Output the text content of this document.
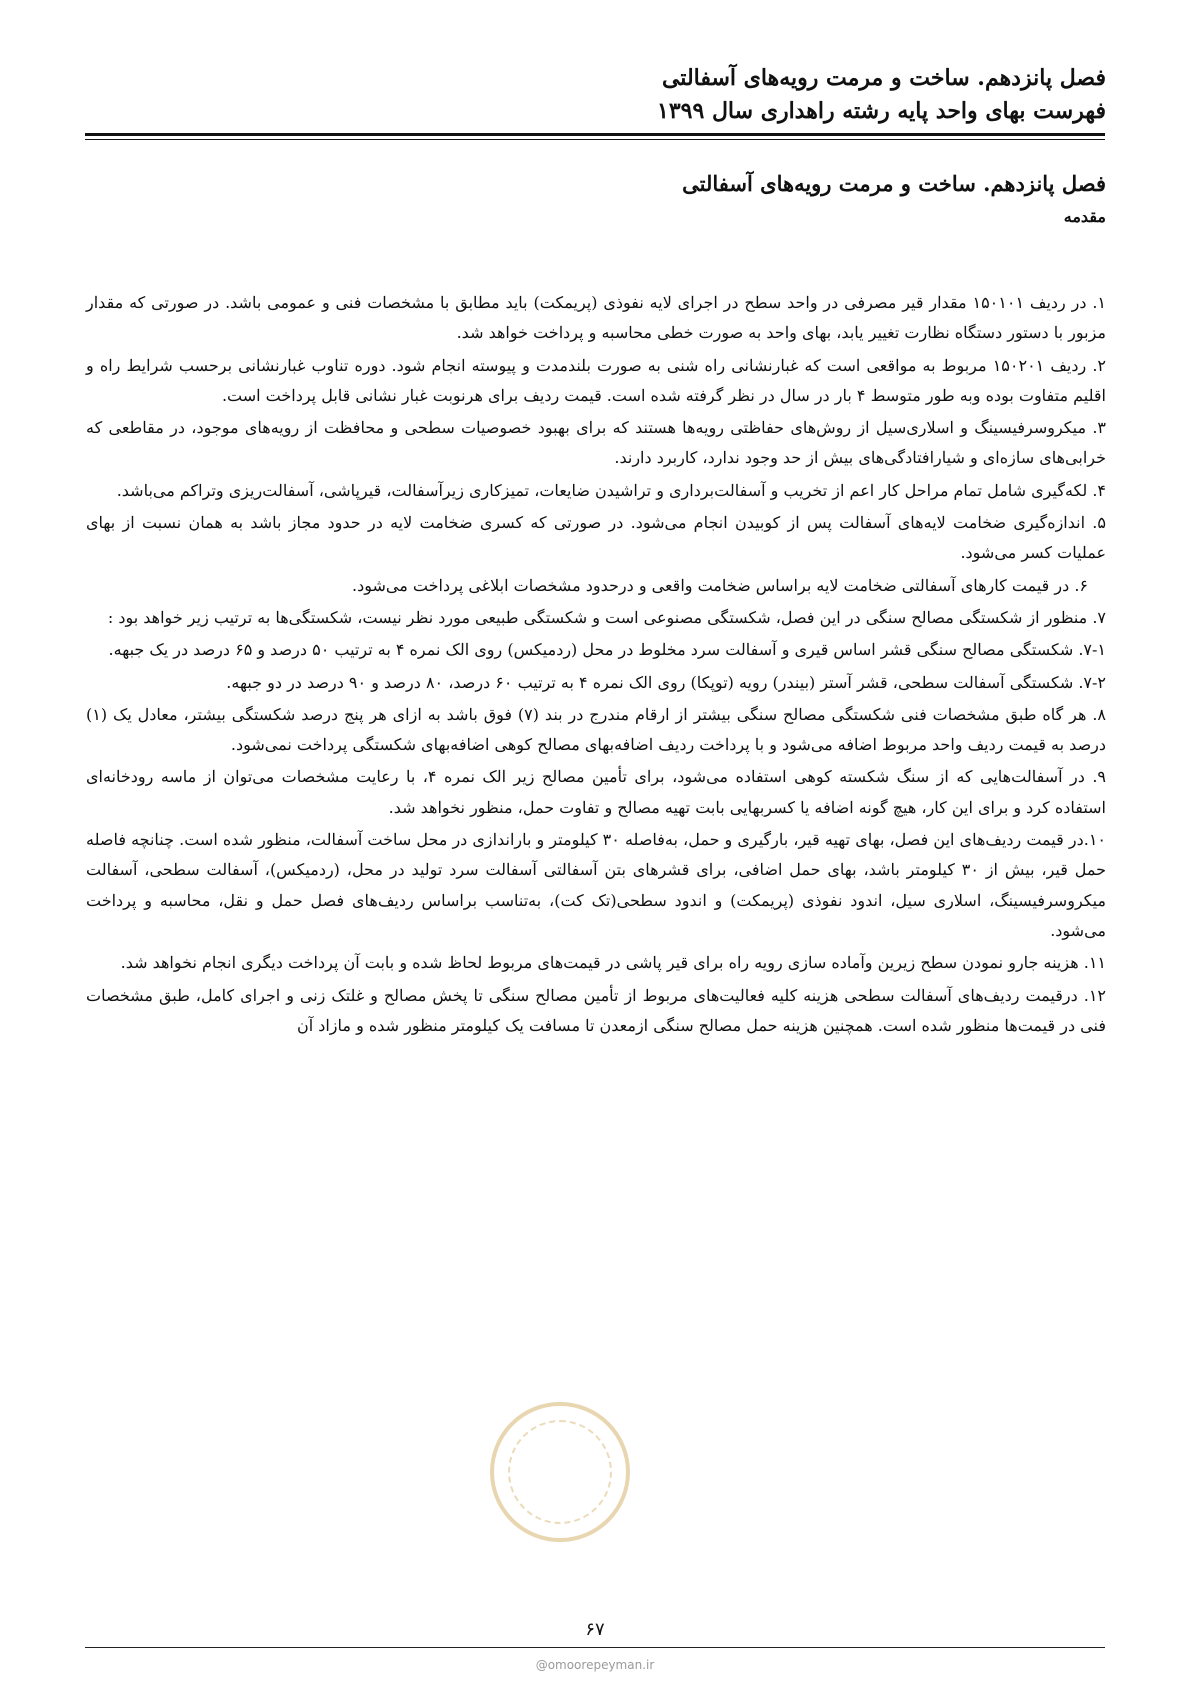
فصل پانزدهم. ساخت و مرمت رویه‌های آسفالتی
فهرست بهای واحد پایه رشته راهداری سال ۱۳۹۹
فصل پانزدهم. ساخت و مرمت رویه‌های آسفالتی
مقدمه

۱. در ردیف ۱۵۰۱۰۱ مقدار قیر مصرفی در واحد سطح در اجرای لایه نفوذی (پریمکت) باید مطابق با مشخصات فنی و عمومی باشد. در صورتی که مقدار مزبور با دستور دستگاه نظارت تغییر یابد، بهای واحد به صورت خطی محاسبه و پرداخت خواهد شد.

۲. ردیف ۱۵۰۲۰۱ مربوط به مواقعی است که غبارنشانی راه شنی به صورت بلندمدت و پیوسته انجام شود. دوره تناوب غبارنشانی برحسب شرایط راه و اقلیم متفاوت بوده وبه طور متوسط ۴ بار در سال در نظر گرفته شده است. قیمت ردیف برای هرنوبت غبار نشانی قابل پرداخت است.

۳. میکروسرفیسینگ و اسلاری‌سیل از روش‌های حفاظتی رویه‌ها هستند که برای بهبود خصوصیات سطحی و محافظت از رویه‌های موجود، در مقاطعی که خرابی‌های سازه‌ای و شیارافتادگی‌های بیش از حد وجود ندارد، کاربرد دارند.

۴. لکه‌گیری شامل تمام مراحل کار اعم از تخریب و آسفالت‌برداری و تراشیدن ضایعات، تمیزکاری زیرآسفالت، قیرپاشی، آسفالت‌ریزی وتراکم می‌باشد.

۵. اندازه‌گیری ضخامت لایه‌های آسفالت پس از کوبیدن انجام می‌شود. در صورتی که کسری ضخامت لایه در حدود مجاز باشد به همان نسبت از بهای عملیات کسر می‌شود.

۶. در قیمت کارهای آسفالتی ضخامت لایه براساس ضخامت واقعی و درحدود مشخصات ابلاغی پرداخت می‌شود.

۷. منظور از شکستگی مصالح سنگی در این فصل، شکستگی مصنوعی است و شکستگی طبیعی مورد نظر نیست، شکستگی‌ها به ترتیب زیر خواهد بود :

۷-۱. شکستگی مصالح سنگی قشر اساس قیری و آسفالت سرد مخلوط در محل (ردمیکس) روی الک نمره ۴ به ترتیب ۵۰ درصد و ۶۵ درصد در یک جبهه.

۷-۲. شکستگی آسفالت سطحی، قشر آستر (بیندر) رویه (توپکا) روی الک نمره ۴ به ترتیب ۶۰ درصد، ۸۰ درصد و ۹۰ درصد در دو جبهه.

۸. هر گاه طبق مشخصات فنی شکستگی مصالح سنگی بیشتر از ارقام مندرج در بند (۷) فوق باشد به ازای هر پنج درصد شکستگی بیشتر، معادل یک (۱) درصد به قیمت ردیف واحد مربوط اضافه می‌شود و با پرداخت ردیف اضافه‌بهای مصالح کوهی اضافه‌بهای شکستگی پرداخت نمی‌شود.

۹. در آسفالت‌هایی که از سنگ شکسته کوهی استفاده می‌شود، برای تأمین مصالح زیر الک نمره ۴، با رعایت مشخصات می‌توان از ماسه رودخانه‌ای استفاده کرد و برای این کار، هیچ گونه اضافه یا کسربهایی بابت تهیه مصالح و تفاوت حمل، منظور نخواهد شد.

۱۰.در قیمت ردیف‌های این فصل، بهای تهیه قیر، بارگیری و حمل، به‌فاصله ۳۰ کیلومتر و باراندازی در محل ساخت آسفالت، منظور شده است. چنانچه فاصله حمل قیر، بیش از ۳۰ کیلومتر باشد، بهای حمل اضافی، برای قشرهای بتن آسفالتی آسفالت سرد تولید در محل، (ردمیکس)، آسفالت سطحی، آسفالت میکروسرفیسینگ، اسلاری سیل، اندود نفوذی (پریمکت) و اندود سطحی(تک کت)، به‌تناسب براساس ردیف‌های فصل حمل و نقل، محاسبه و پرداخت می‌شود.

۱۱. هزینه جارو نمودن سطح زیرین وآماده سازی رویه راه برای قیر پاشی در قیمت‌های مربوط لحاظ شده و بابت آن پرداخت دیگری انجام نخواهد شد.

۱۲. درقیمت ردیف‌های آسفالت سطحی هزینه کلیه فعالیت‌های مربوط از تأمین مصالح سنگی تا پخش مصالح و غلتک زنی و اجرای کامل، طبق مشخصات فنی در قیمت‌ها منظور شده است. همچنین هزینه حمل مصالح سنگی ازمعدن تا مسافت یک کیلومتر منظور شده و مازاد آن

۶۷
@omoorepeyman.ir
